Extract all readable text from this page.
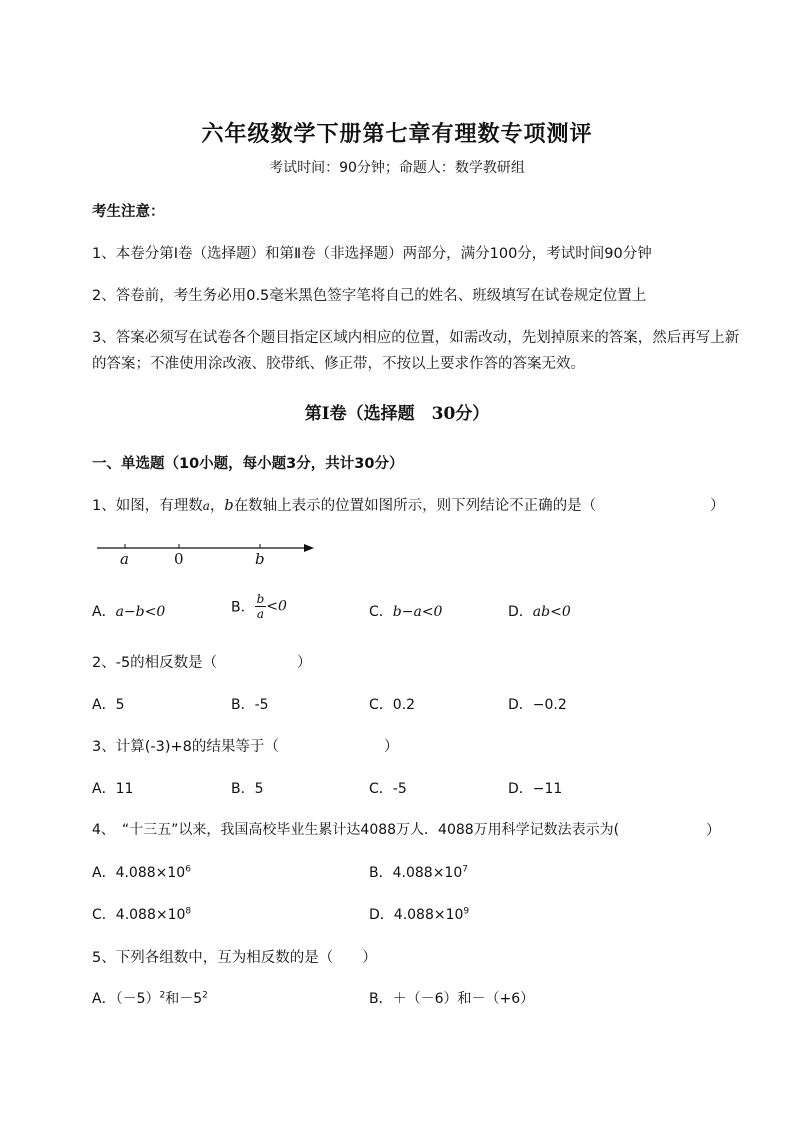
六年级数学下册第七章有理数专项测评
考试时间：90分钟；命题人：数学教研组
考生注意：
1、本卷分第I卷（选择题）和第Ⅱ卷（非选择题）两部分，满分100分，考试时间90分钟
2、答卷前，考生务必用0.5毫米黑色签字笔将自己的姓名、班级填写在试卷规定位置上
3、答案必须写在试卷各个题目指定区域内相应的位置，如需改动，先划掉原来的答案，然后再写上新
的答案；不准使用涂改液、胶带纸、修正带，不按以上要求作答的答案无效。
第I卷（选择题　30分）
一、单选题（10小题，每小题3分，共计30分）
1、如图，有理数a，b在数轴上表示的位置如图所示，则下列结论不正确的是（	）
a	0	b
A．a−b<0	B． $\frac{b}{a} <0$	C．b−a<0	D．ab<0
2、-5的相反数是（	）
A．5	B．-5	C．0.2	D．−0.2
3、计算(-3)+8的结果等于（	）
A．11	B．5	C．-5	D．−11
4、　“十三五”以来，我国高校毕业生累计达4088万人．4088万用科学记数法表示为(	）
A．$4.088\times 10^6$	B．$4.088\times 10^7$
C．$4.088\times 10^8$	D．$4.088\times 10^9$
5、下列各组数中，互为相反数的是（　　）
A．$(-5)^2$和$-5^2$	B．＋（－6）和－（+6）
